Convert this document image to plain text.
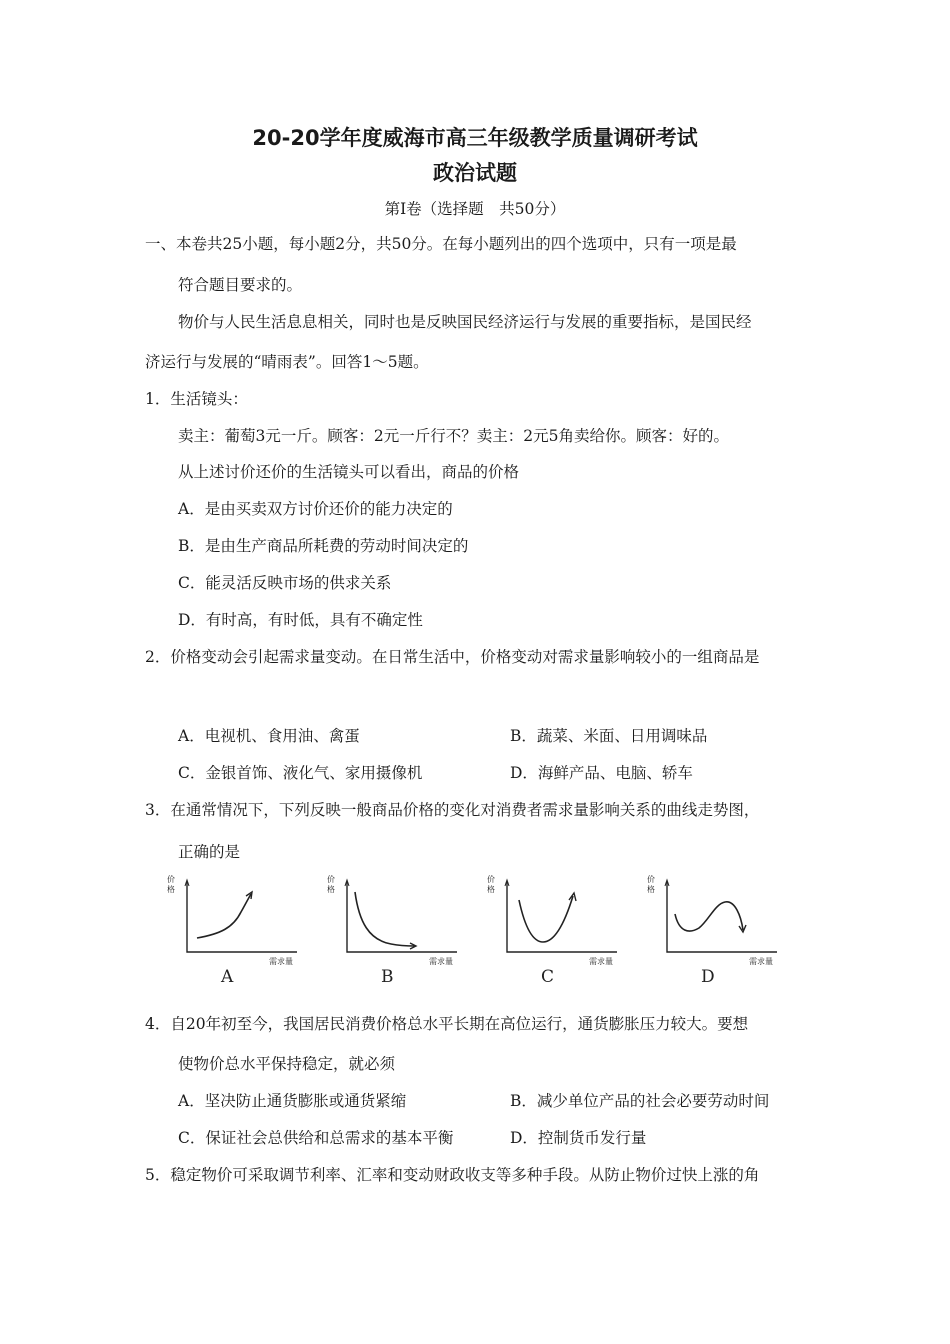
20-20学年度威海市高三年级教学质量调研考试
政治试题
第Ⅰ卷（选择题　共50分）
一、本卷共25小题，每小题2分，共50分。在每小题列出的四个选项中，只有一项是最
符合题目要求的。
物价与人民生活息息相关，同时也是反映国民经济运行与发展的重要指标，是国民经
济运行与发展的“晴雨表”。回答1～5题。
1．生活镜头：
卖主：葡萄3元一斤。顾客：2元一斤行不？卖主：2元5角卖给你。顾客：好的。
从上述讨价还价的生活镜头可以看出，商品的价格
A．是由买卖双方讨价还价的能力决定的
B．是由生产商品所耗费的劳动时间决定的
C．能灵活反映市场的供求关系
D．有时高，有时低，具有不确定性
2．价格变动会引起需求量变动。在日常生活中，价格变动对需求量影响较小的一组商品是
A．电视机、食用油、禽蛋	B．蔬菜、米面、日用调味品
C．金银首饰、液化气、家用摄像机	D．海鲜产品、电脑、轿车
3．在通常情况下，下列反映一般商品价格的变化对消费者需求量影响关系的曲线走势图，
正确的是
价
格
需求量
A
价
格
需求量
B
价
格
需求量
C
价
格
需求量
D
4．自20年初至今，我国居民消费价格总水平长期在高位运行，通货膨胀压力较大。要想
使物价总水平保持稳定，就必须
A．坚决防止通货膨胀或通货紧缩	B．减少单位产品的社会必要劳动时间
C．保证社会总供给和总需求的基本平衡	D．控制货币发行量
5．稳定物价可采取调节利率、汇率和变动财政收支等多种手段。从防止物价过快上涨的角
